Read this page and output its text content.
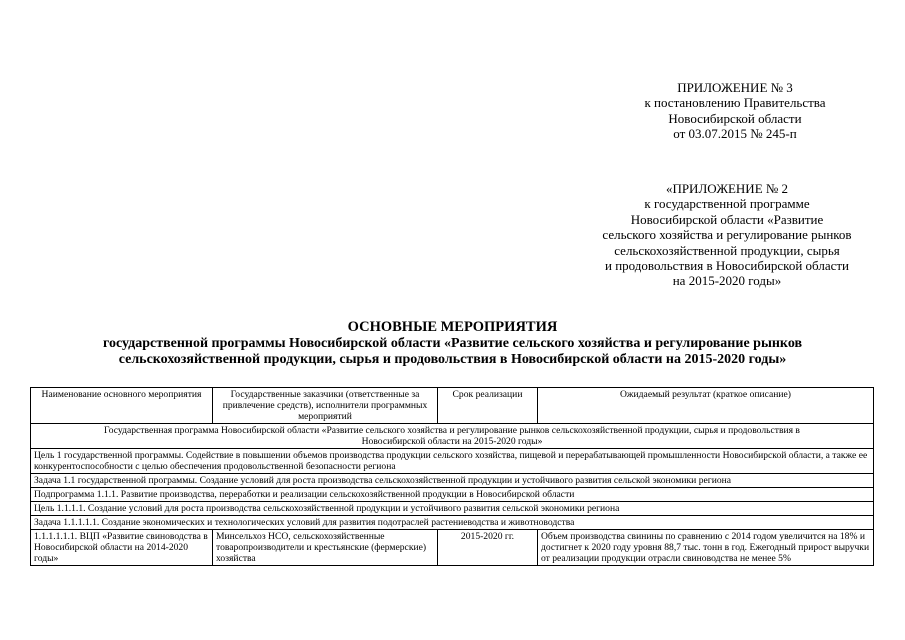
ПРИЛОЖЕНИЕ № 3
к постановлению Правительства
Новосибирской области
от 03.07.2015 № 245-п
«ПРИЛОЖЕНИЕ № 2
к государственной программе
Новосибирской области «Развитие
сельского хозяйства и регулирование рынков
сельскохозяйственной продукции, сырья
и продовольствия в Новосибирской области
на 2015-2020 годы»
ОСНОВНЫЕ МЕРОПРИЯТИЯ
государственной программы Новосибирской области «Развитие сельского хозяйства и регулирование рынков
сельскохозяйственной продукции, сырья и продовольствия в Новосибирской области на 2015-2020 годы»
Наименование основного мероприятия	Государственные заказчики (ответственные за привлечение средств), исполнители программных мероприятий	Срок реализации	Ожидаемый результат (краткое описание)
Государственная программа Новосибирской области «Развитие сельского хозяйства и регулирование рынков сельскохозяйственной продукции, сырья и продовольствия в Новосибирской области на 2015-2020 годы»			
Цель 1 государственной программы. Содействие в повышении объемов производства продукции сельского хозяйства, пищевой и перерабатывающей промышленности Новосибирской области, а также ее конкурентоспособности с целью обеспечения продовольственной безопасности региона			
Задача 1.1 государственной программы. Создание условий для роста производства сельскохозяйственной продукции и устойчивого развития сельской экономики региона			
Подпрограмма 1.1.1. Развитие производства, переработки и реализации сельскохозяйственной продукции в Новосибирской области			
Цель 1.1.1.1. Создание условий для роста производства сельскохозяйственной продукции и устойчивого развития сельской экономики региона			
Задача 1.1.1.1.1. Создание экономических и технологических условий для развития подотраслей растениеводства и животноводства			
1.1.1.1.1.1. ВЦП «Развитие свиноводства в Новосибирской области на 2014-2020 годы»	Минсельхоз НСО, сельскохозяйственные товаропроизводители и крестьянские (фермерские) хозяйства	2015-2020 гг.	Объем производства свинины по сравнению с 2014 годом увеличится на 18% и достигнет к 2020 году уровня 88,7 тыс. тонн в год. Ежегодный прирост выручки от реализации продукции отрасли свиноводства не менее 5%
